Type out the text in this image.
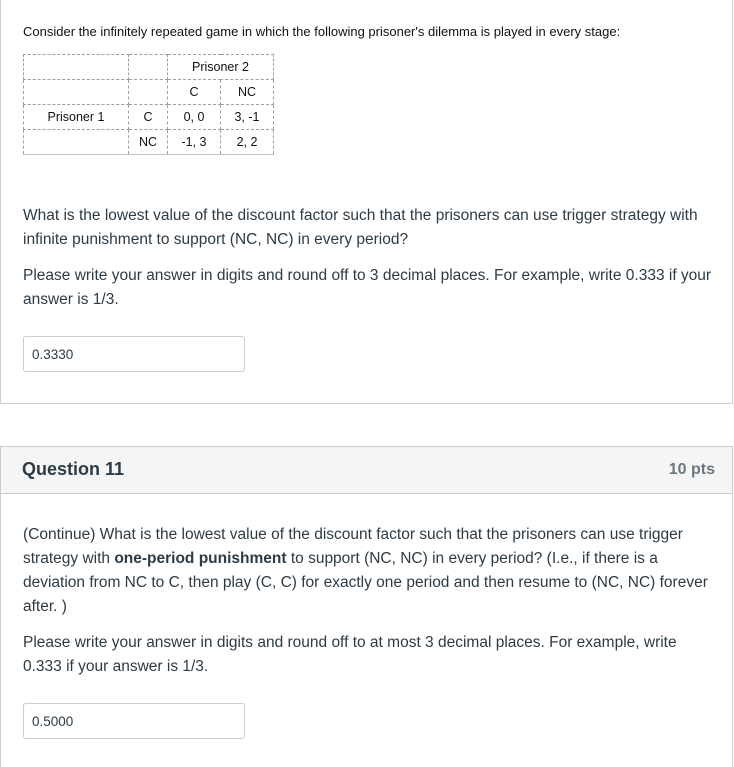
Consider the infinitely repeated game in which the following prisoner's dilemma is played in every stage:

		Prisoner 2	
		C	NC
Prisoner 1	C	0, 0	3, -1
	NC	-1, 3	2, 2

What is the lowest value of the discount factor such that the prisoners can use trigger strategy with infinite punishment to support (NC, NC) in every period?

Please write your answer in digits and round off to 3 decimal places. For example, write 0.333 if your answer is 1/3.

0.3330
Question 11	10 pts

(Continue) What is the lowest value of the discount factor such that the prisoners can use trigger strategy with one-period punishment to support (NC, NC) in every period? (I.e., if there is a deviation from NC to C, then play (C, C) for exactly one period and then resume to (NC, NC) forever after. )

Please write your answer in digits and round off to at most 3 decimal places. For example, write 0.333 if your answer is 1/3.

0.5000
